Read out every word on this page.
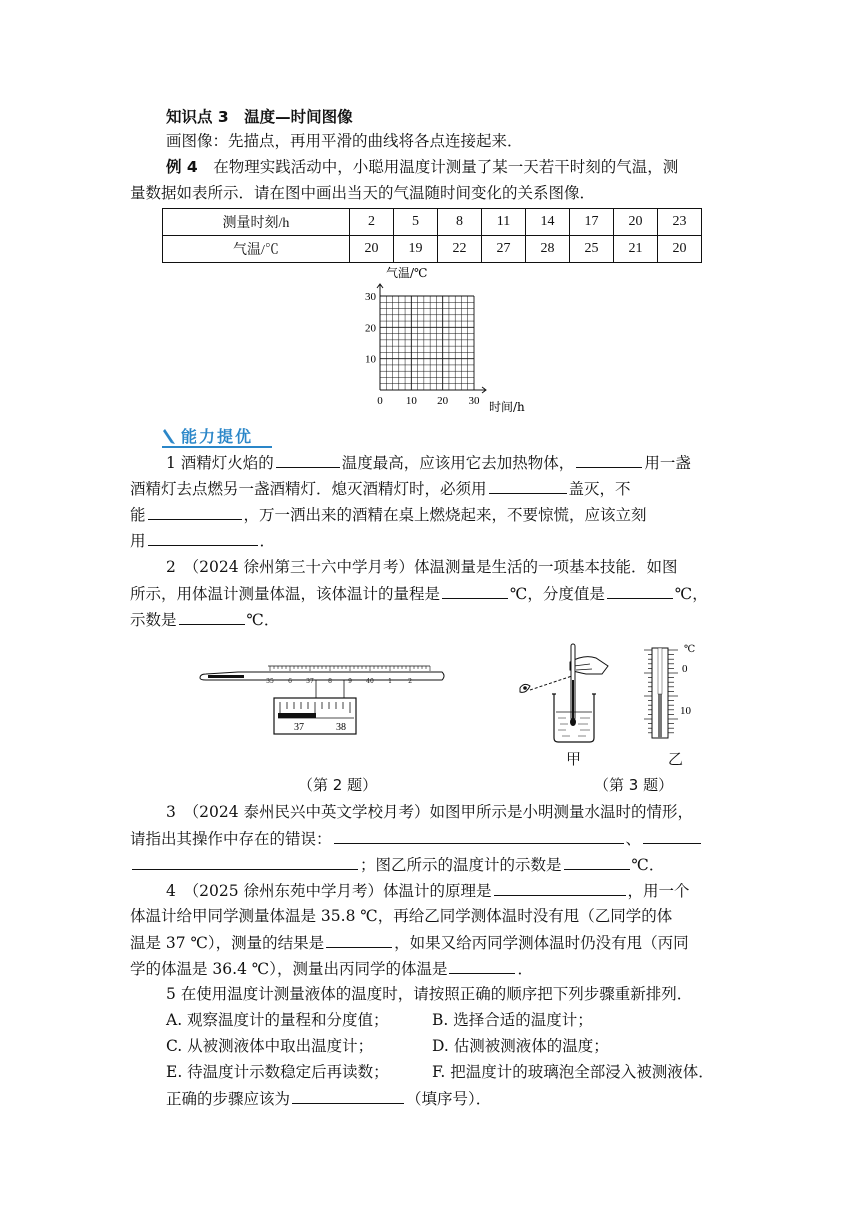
知识点 3　温度—时间图像
画图像：先描点，再用平滑的曲线将各点连接起来．
例 4　在物理实践活动中，小聪用温度计测量了某一天若干时刻的气温，测
量数据如表所示．请在图中画出当天的气温随时间变化的关系图像．
测量时刻/h	2	5	8	11	14	17	20	23
气温/℃	20	19	22	27	28	25	21	20
气温/℃
时间/h
0 10 20 30
10
20
30
能力提优
1 酒精灯火焰的	温度最高，应该用它去加热物体，	用一盏
酒精灯去点燃另一盏酒精灯．熄灭酒精灯时，必须用	盖灭，不
能	，万一洒出来的酒精在桌上燃烧起来，不要惊慌，应该立刻
用	．
2　（2024 徐州第三十六中学月考）体温测量是生活的一项基本技能．如图
所示，用体温计测量体温，该体温计的量程是	℃，分度值是	℃，
示数是	℃．
35 6 37 8	9 40 1	2
37	38
（第 2 题）
甲
℃
0
10
乙
（第 3 题）
3　（2024 泰州民兴中英文学校月考）如图甲所示是小明测量水温时的情形，
请指出其操作中存在的错误：	、
；图乙所示的温度计的示数是	℃．
4　（2025 徐州东苑中学月考）体温计的原理是	，用一个
体温计给甲同学测量体温是 35.8 ℃，再给乙同学测体温时没有甩（乙同学的体
温是 37 ℃），测量的结果是	，如果又给丙同学测体温时仍没有甩（丙同
学的体温是 36.4 ℃），测量出丙同学的体温是	．
5 在使用温度计测量液体的温度时，请按照正确的顺序把下列步骤重新排列．
A. 观察温度计的量程和分度值；	B. 选择合适的温度计；
C. 从被测液体中取出温度计；	D. 估测被测液体的温度；
E. 待温度计示数稳定后再读数；	F. 把温度计的玻璃泡全部浸入被测液体．
正确的步骤应该为	（填序号）．
